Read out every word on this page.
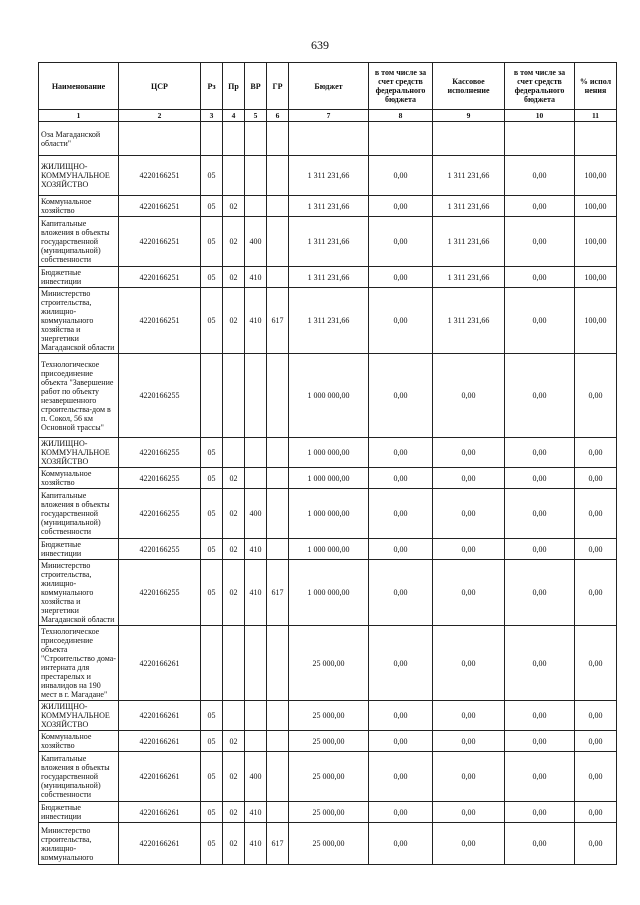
639
Наименование	ЦСР	Рз	Пр	ВР	ГР	Бюджет	в том числе за счет средств федерального бюджета	Кассовое исполнение	в том числе за счет средств федерального бюджета	% испол нения
1	2	3	4	5	6	7	8	9	10	11
Оза Магаданской области"										
ЖИЛИЩНО-КОММУНАЛЬНОЕ ХОЗЯЙСТВО	4220166251	05				1 311 231,66	0,00	1 311 231,66	0,00	100,00
Коммунальное хозяйство	4220166251	05	02			1 311 231,66	0,00	1 311 231,66	0,00	100,00
Капитальные вложения в объекты государственной (муниципальной) собственности	4220166251	05	02	400		1 311 231,66	0,00	1 311 231,66	0,00	100,00
Бюджетные инвестиции	4220166251	05	02	410		1 311 231,66	0,00	1 311 231,66	0,00	100,00
Министерство строительства, жилищно-коммунального хозяйства и энергетики Магаданской области	4220166251	05	02	410	617	1 311 231,66	0,00	1 311 231,66	0,00	100,00
Технологическое присоединение объекта "Завершение работ по объекту незавершенного строительства-дом в п. Сокол, 56 км Основной трассы"	4220166255					1 000 000,00	0,00	0,00	0,00	0,00
ЖИЛИЩНО-КОММУНАЛЬНОЕ ХОЗЯЙСТВО	4220166255	05				1 000 000,00	0,00	0,00	0,00	0,00
Коммунальное хозяйство	4220166255	05	02			1 000 000,00	0,00	0,00	0,00	0,00
Капитальные вложения в объекты государственной (муниципальной) собственности	4220166255	05	02	400		1 000 000,00	0,00	0,00	0,00	0,00
Бюджетные инвестиции	4220166255	05	02	410		1 000 000,00	0,00	0,00	0,00	0,00
Министерство строительства, жилищно-коммунального хозяйства и энергетики Магаданской области	4220166255	05	02	410	617	1 000 000,00	0,00	0,00	0,00	0,00
Технологическое присоединение объекта "Строительство дома-интерната для престарелых и инвалидов на 190 мест в г. Магадане"	4220166261					25 000,00	0,00	0,00	0,00	0,00
ЖИЛИЩНО-КОММУНАЛЬНОЕ ХОЗЯЙСТВО	4220166261	05				25 000,00	0,00	0,00	0,00	0,00
Коммунальное хозяйство	4220166261	05	02			25 000,00	0,00	0,00	0,00	0,00
Капитальные вложения в объекты государственной (муниципальной) собственности	4220166261	05	02	400		25 000,00	0,00	0,00	0,00	0,00
Бюджетные инвестиции	4220166261	05	02	410		25 000,00	0,00	0,00	0,00	0,00
Министерство строительства, жилищно-коммунального	4220166261	05	02	410	617	25 000,00	0,00	0,00	0,00	0,00
